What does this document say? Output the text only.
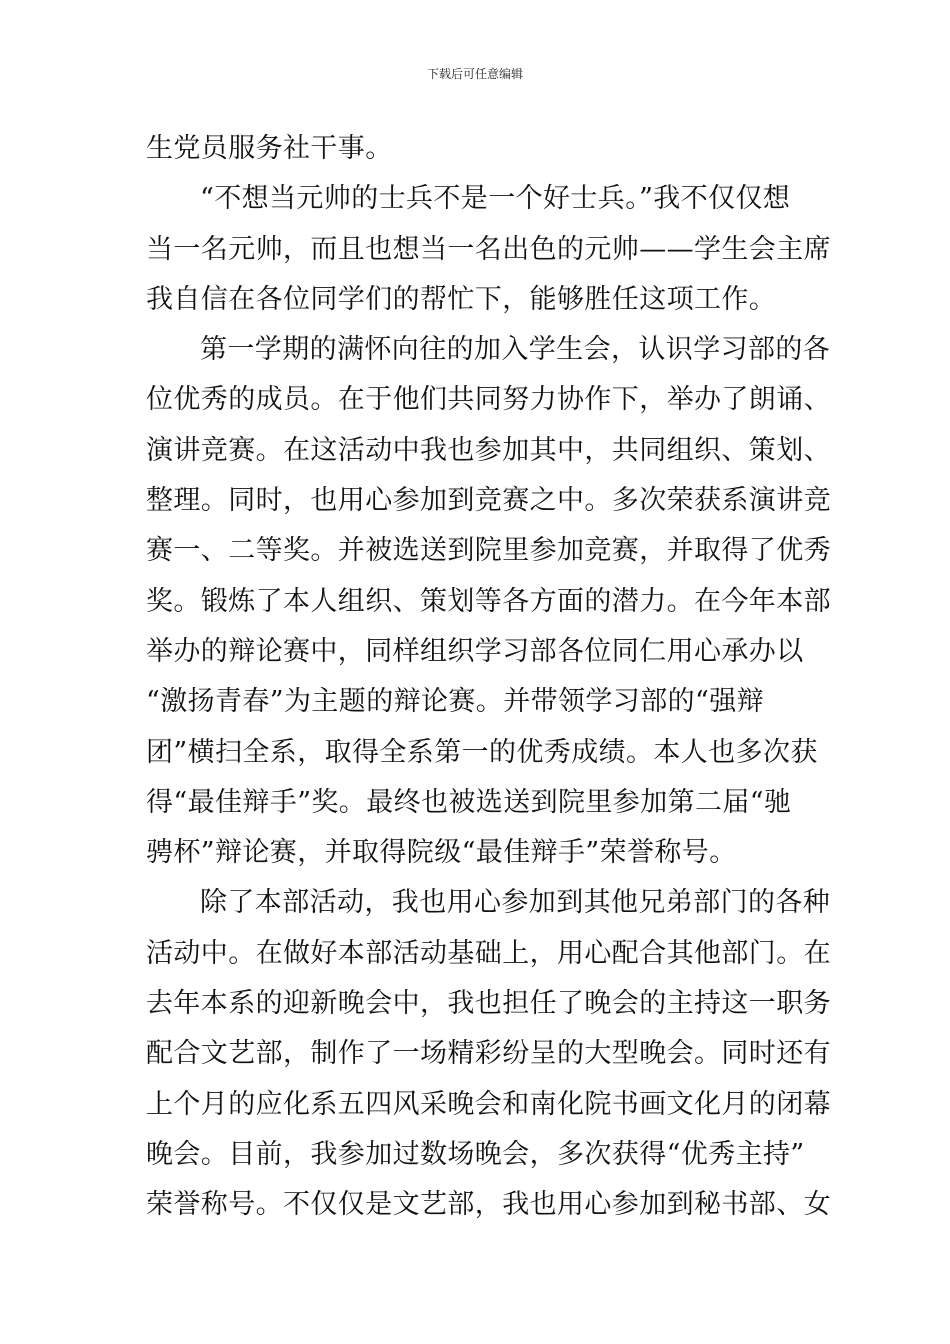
下载后可任意编辑
生党员服务社干事。
“不想当元帅的士兵不是一个好士兵。”我不仅仅想
当一名元帅，而且也想当一名出色的元帅——学生会主席
我自信在各位同学们的帮忙下，能够胜任这项工作。
第一学期的满怀向往的加入学生会，认识学习部的各
位优秀的成员。在于他们共同努力协作下，举办了朗诵、
演讲竞赛。在这活动中我也参加其中，共同组织、策划、
整理。同时，也用心参加到竞赛之中。多次荣获系演讲竞
赛一、二等奖。并被选送到院里参加竞赛，并取得了优秀
奖。锻炼了本人组织、策划等各方面的潜力。在今年本部
举办的辩论赛中，同样组织学习部各位同仁用心承办以
“激扬青春”为主题的辩论赛。并带领学习部的“强辩
团”横扫全系，取得全系第一的优秀成绩。本人也多次获
得“最佳辩手”奖。最终也被选送到院里参加第二届“驰
骋杯”辩论赛，并取得院级“最佳辩手”荣誉称号。
除了本部活动，我也用心参加到其他兄弟部门的各种
活动中。在做好本部活动基础上，用心配合其他部门。在
去年本系的迎新晚会中，我也担任了晚会的主持这一职务
配合文艺部，制作了一场精彩纷呈的大型晚会。同时还有
上个月的应化系五四风采晚会和南化院书画文化月的闭幕
晚会。目前，我参加过数场晚会，多次获得“优秀主持”
荣誉称号。不仅仅是文艺部，我也用心参加到秘书部、女
